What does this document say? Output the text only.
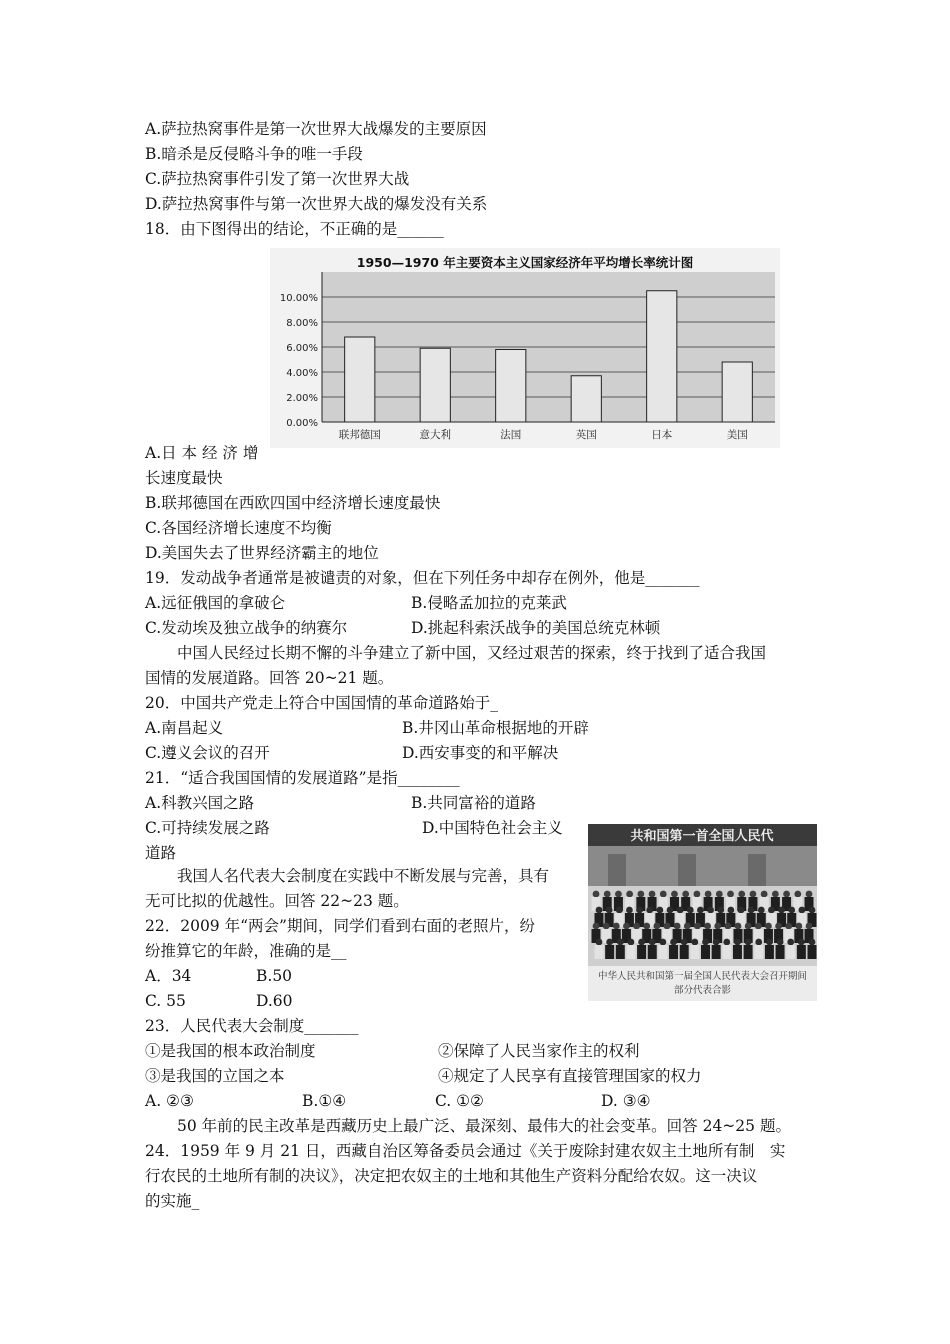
A.萨拉热窝事件是第一次世界大战爆发的主要原因
B.暗杀是反侵略斗争的唯一手段
C.萨拉热窝事件引发了第一次世界大战
D.萨拉热窝事件与第一次世界大战的爆发没有关系
18．由下图得出的结论，不正确的是______
1950—1970 年主要资本主义国家经济年平均增长率统计图
0.00%
2.00%
4.00%
6.00%
8.00%
10.00%
联邦德国	意大利	法国	英国	日本	美国
A.日 本 经 济 增
长速度最快
B.联邦德国在西欧四国中经济增长速度最快
C.各国经济增长速度不均衡
D.美国失去了世界经济霸主的地位
19．发动战争者通常是被谴责的对象，但在下列任务中却存在例外，他是_______
A.远征俄国的拿破仑	B.侵略孟加拉的克莱武
C.发动埃及独立战争的纳赛尔	D.挑起科索沃战争的美国总统克林顿
中国人民经过长期不懈的斗争建立了新中国，又经过艰苦的探索，终于找到了适合我国
国情的发展道路。回答 20~21 题。
20．中国共产党走上符合中国国情的革命道路始于_
A.南昌起义	B.井冈山革命根据地的开辟
C.遵义会议的召开	D.西安事变的和平解决
21．“适合我国国情的发展道路”是指________
A.科教兴国之路	B.共同富裕的道路
C.可持续发展之路	D.中国特色社会主义
道路
共和国第一首全国人民代
中华人民共和国第一届全国人民代表大会召开期间
部分代表合影
我国人名代表大会制度在实践中不断发展与完善，具有
无可比拟的优越性。回答 22~23 题。
22．2009 年“两会”期间，同学们看到右面的老照片，纷
纷推算它的年龄，准确的是__
A．34	B.50
C. 55	D.60
23．人民代表大会制度_______
①是我国的根本政治制度	②保障了人民当家作主的权利
③是我国的立国之本	④规定了人民享有直接管理国家的权力
A. ②③	B.①④	C. ①②	D. ③④
50 年前的民主改革是西藏历史上最广泛、最深刻、最伟大的社会变革。回答 24~25 题。
24．1959 年 9 月 21 日，西藏自治区筹备委员会通过《关于废除封建农奴主土地所有制　实
行农民的土地所有制的决议》，决定把农奴主的土地和其他生产资料分配给农奴。这一决议
的实施_
